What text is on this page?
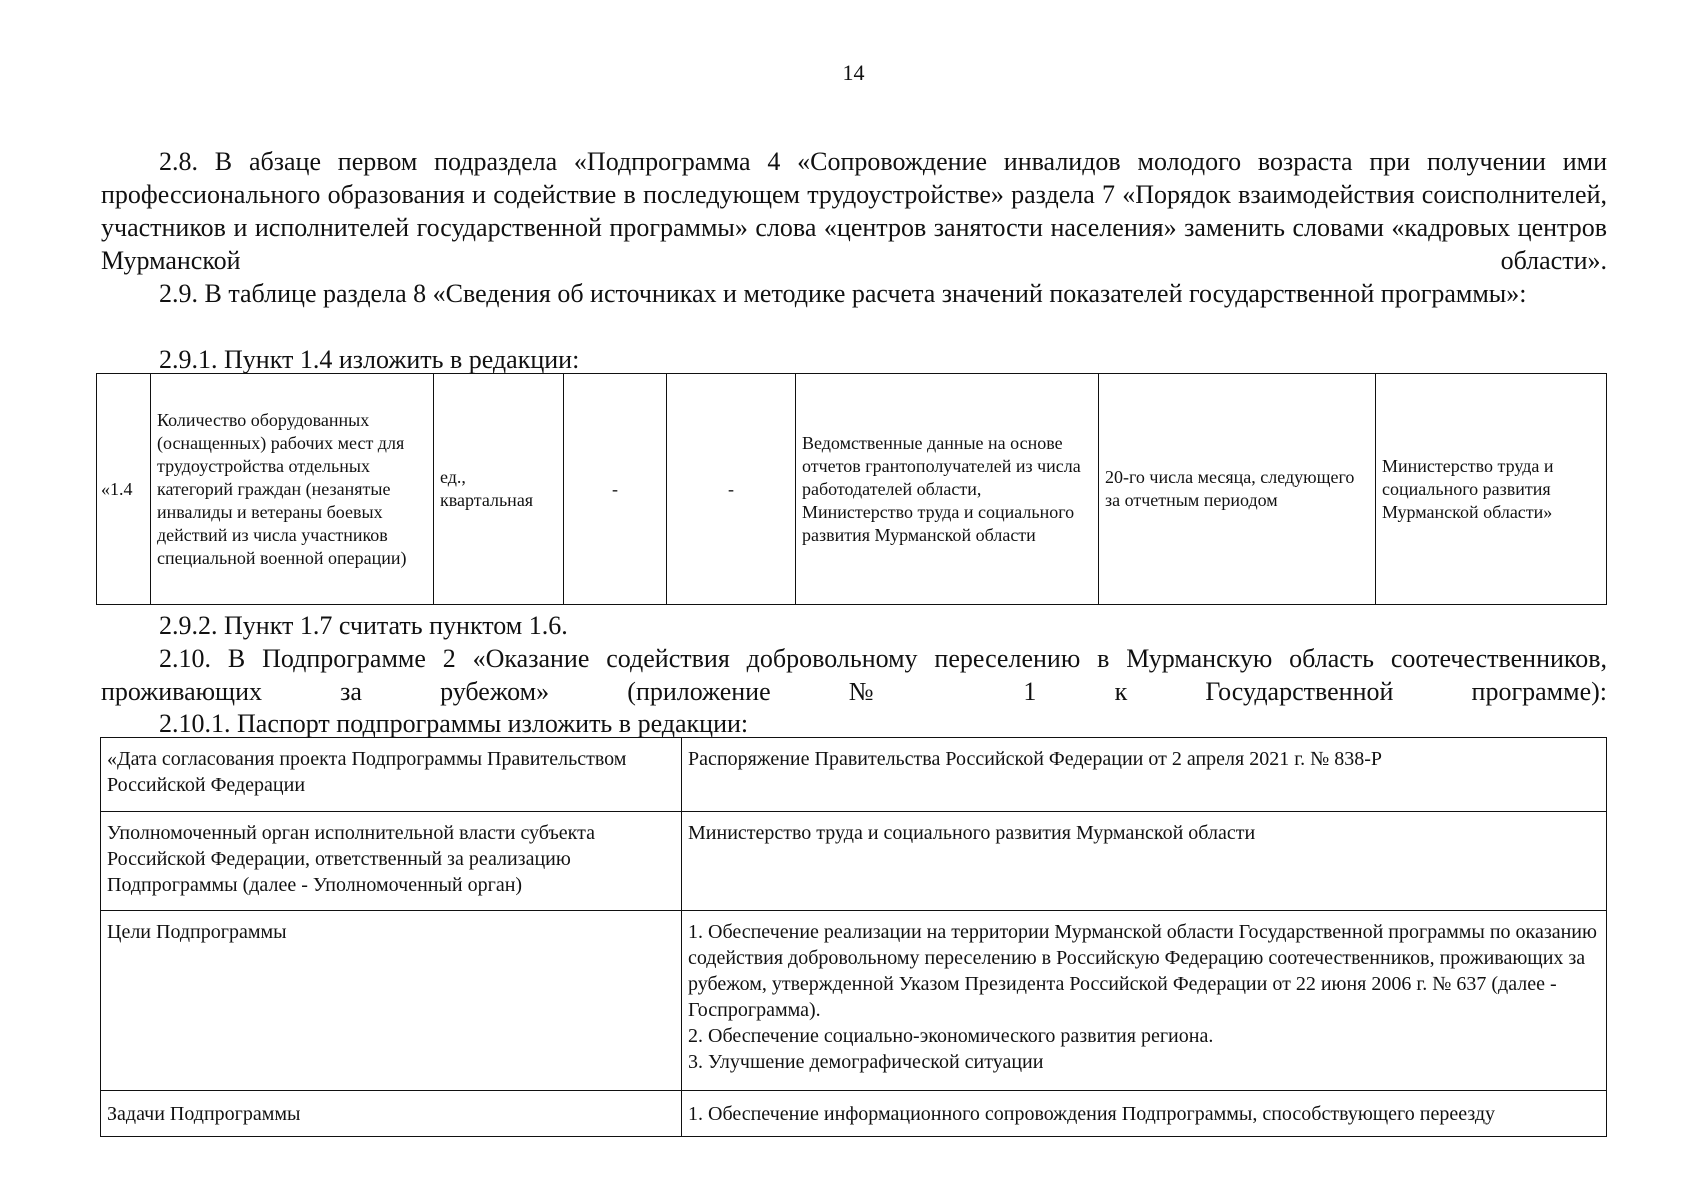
14
2.8. В абзаце первом подраздела «Подпрограмма 4 «Сопровождение инвалидов молодого возраста при получении ими профессионального образования и содействие в последующем трудоустройстве» раздела 7 «Порядок взаимодействия соисполнителей, участников и исполнителей государственной программы» слова «центров занятости населения» заменить словами «кадровых центров Мурманской области».
2.9. В таблице раздела 8 «Сведения об источниках и методике расчета значений показателей государственной программы»:
2.9.1. Пункт 1.4 изложить в редакции:
«1.4	Количество оборудованных (оснащенных) рабочих мест для трудоустройства отдельных категорий граждан (незанятые инвалиды и ветераны боевых действий из числа участников специальной военной операции)	ед., квартальная	-	-	Ведомственные данные на основе отчетов грантополучателей из числа работодателей области, Министерство труда и социального развития Мурманской области	20-го числа месяца, следующего за отчетным периодом	Министерство труда и социального развития Мурманской области»
2.9.2. Пункт 1.7 считать пунктом 1.6.
2.10. В Подпрограмме 2 «Оказание содействия добровольному переселению в Мурманскую область соотечественников, проживающих за рубежом» (приложение № 1 к Государственной программе):
2.10.1. Паспорт подпрограммы изложить в редакции:
«Дата согласования проекта Подпрограммы Правительством Российской Федерации	Распоряжение Правительства Российской Федерации от 2 апреля 2021 г. № 838-Р
Уполномоченный орган исполнительной власти субъекта Российской Федерации, ответственный за реализацию Подпрограммы (далее - Уполномоченный орган)	Министерство труда и социального развития Мурманской области
Цели Подпрограммы	1. Обеспечение реализации на территории Мурманской области Государственной программы по оказанию содействия добровольному переселению в Российскую Федерацию соотечественников, проживающих за рубежом, утвержденной Указом Президента Российской Федерации от 22 июня 2006 г. № 637 (далее - Госпрограмма).
2. Обеспечение социально-экономического развития региона.
3. Улучшение демографической ситуации

Задачи Подпрограммы	1. Обеспечение информационного сопровождения Подпрограммы, способствующего переезду
